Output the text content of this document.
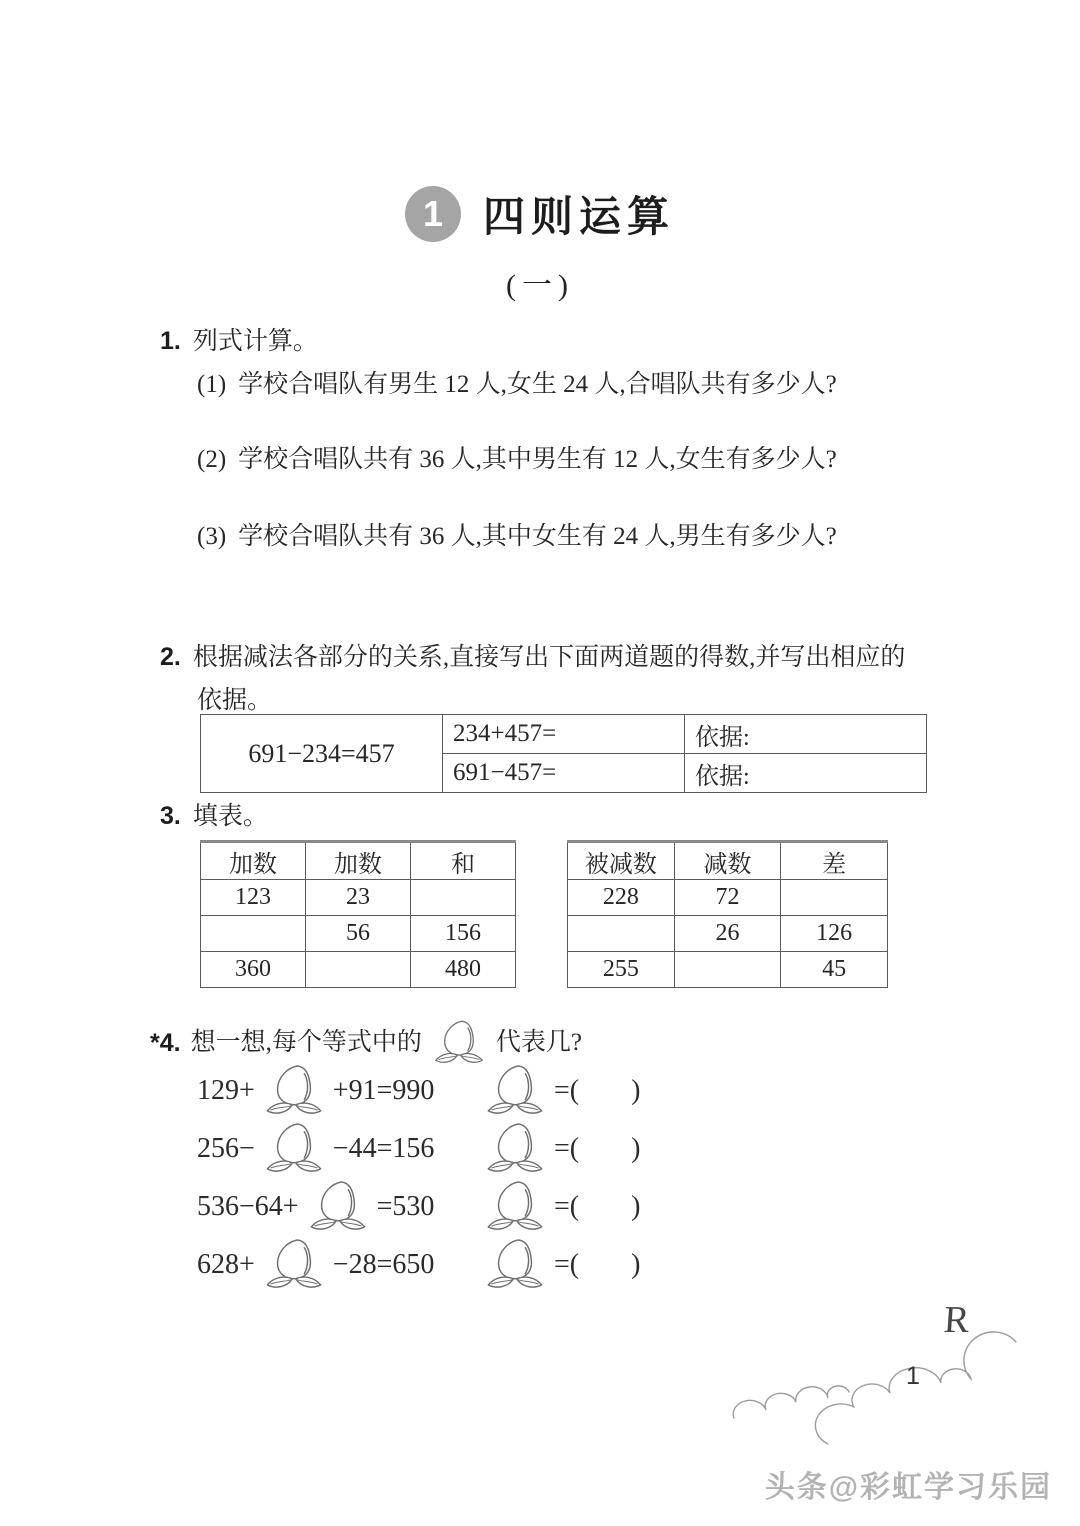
1 四则运算
(一)
1. 列式计算。
(1) 学校合唱队有男生 12 人,女生 24 人,合唱队共有多少人?
(2) 学校合唱队共有 36 人,其中男生有 12 人,女生有多少人?
(3) 学校合唱队共有 36 人,其中女生有 24 人,男生有多少人?
2. 根据减法各部分的关系,直接写出下面两道题的得数,并写出相应的
依据。
691−234=457	234+457=	依据:
	691−457=	依据:
3. 填表。
加数	加数	和
123	23	
	56	156
360		480
被减数	减数	差
228	72	
	26	126
255		45
*4. 想一想,每个等式中的	代表几?
129+	+91=990	=( )
256−	−44=156	=( )
536−64+	=530	=( )
628+	−28=650	=( )
R
1
头条@彩虹学习乐园
